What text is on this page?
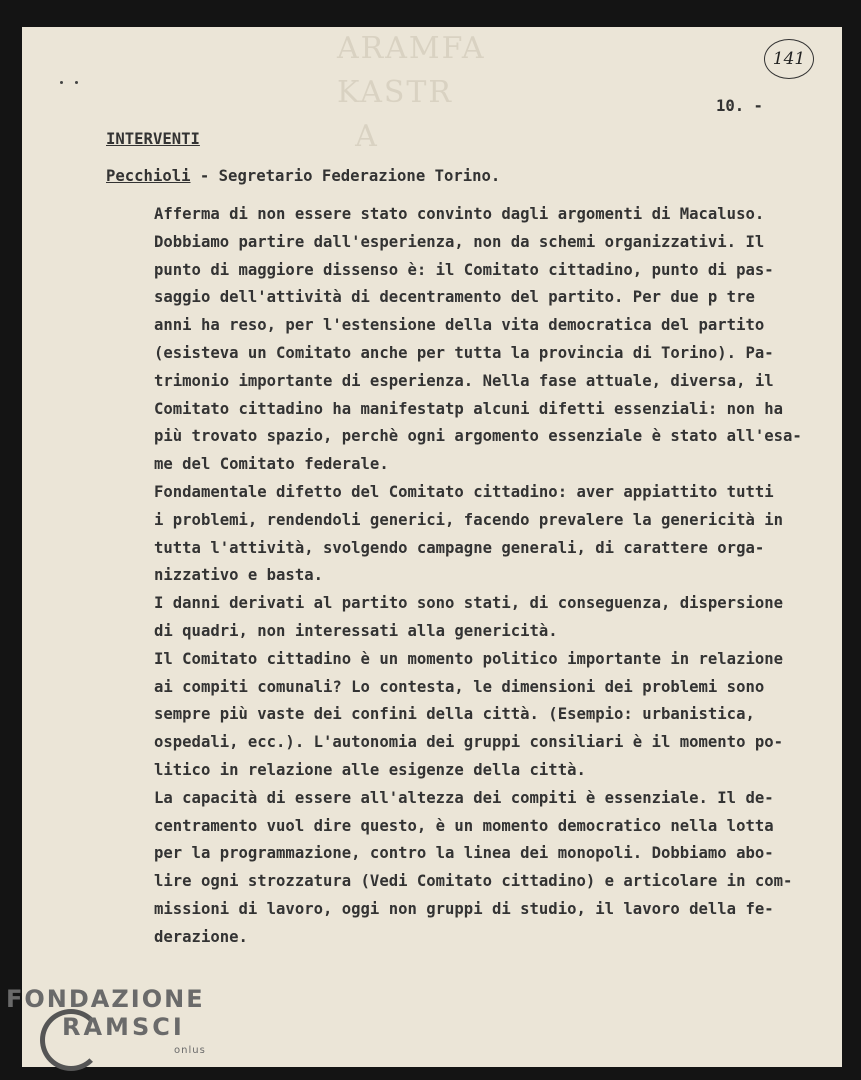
ARAMFA KASTR A
141
10. -
INTERVENTI
Pecchioli - Segretario Federazione Torino.
Afferma di non essere stato convinto dagli argomenti di Macaluso.
Dobbiamo partire dall'esperienza, non da schemi organizzativi. Il
punto di maggiore dissenso è: il Comitato cittadino, punto di pas-
saggio dell'attività di decentramento del partito. Per due p tre
anni ha reso, per l'estensione della vita democratica del partito
(esisteva un Comitato anche per tutta la provincia di Torino). Pa-
trimonio importante di esperienza. Nella fase attuale, diversa, il
Comitato cittadino ha manifestatp alcuni difetti essenziali: non ha
più trovato spazio, perchè ogni argomento essenziale è stato all'esa-
me del Comitato federale.
Fondamentale difetto del Comitato cittadino: aver appiattito tutti
i problemi, rendendoli generici, facendo prevalere la genericità in
tutta l'attività, svolgendo campagne generali, di carattere orga-
nizzativo e basta.
I danni derivati al partito sono stati, di conseguenza, dispersione
di quadri, non interessati alla genericità.
Il Comitato cittadino è un momento politico importante in relazione
ai compiti comunali? Lo contesta, le dimensioni dei problemi sono
sempre più vaste dei confini della città. (Esempio: urbanistica,
ospedali, ecc.). L'autonomia dei gruppi consiliari è il momento po-
litico in relazione alle esigenze della città.
La capacità di essere all'altezza dei compiti è essenziale. Il de-
centramento vuol dire questo, è un momento democratico nella lotta
per la programmazione, contro la linea dei monopoli. Dobbiamo abo-
lire ogni strozzatura (Vedi Comitato cittadino) e articolare in com-
missioni di lavoro, oggi non gruppi di studio, il lavoro della fe-
derazione.
FONDAZIONE
RAMSCI
onlus
